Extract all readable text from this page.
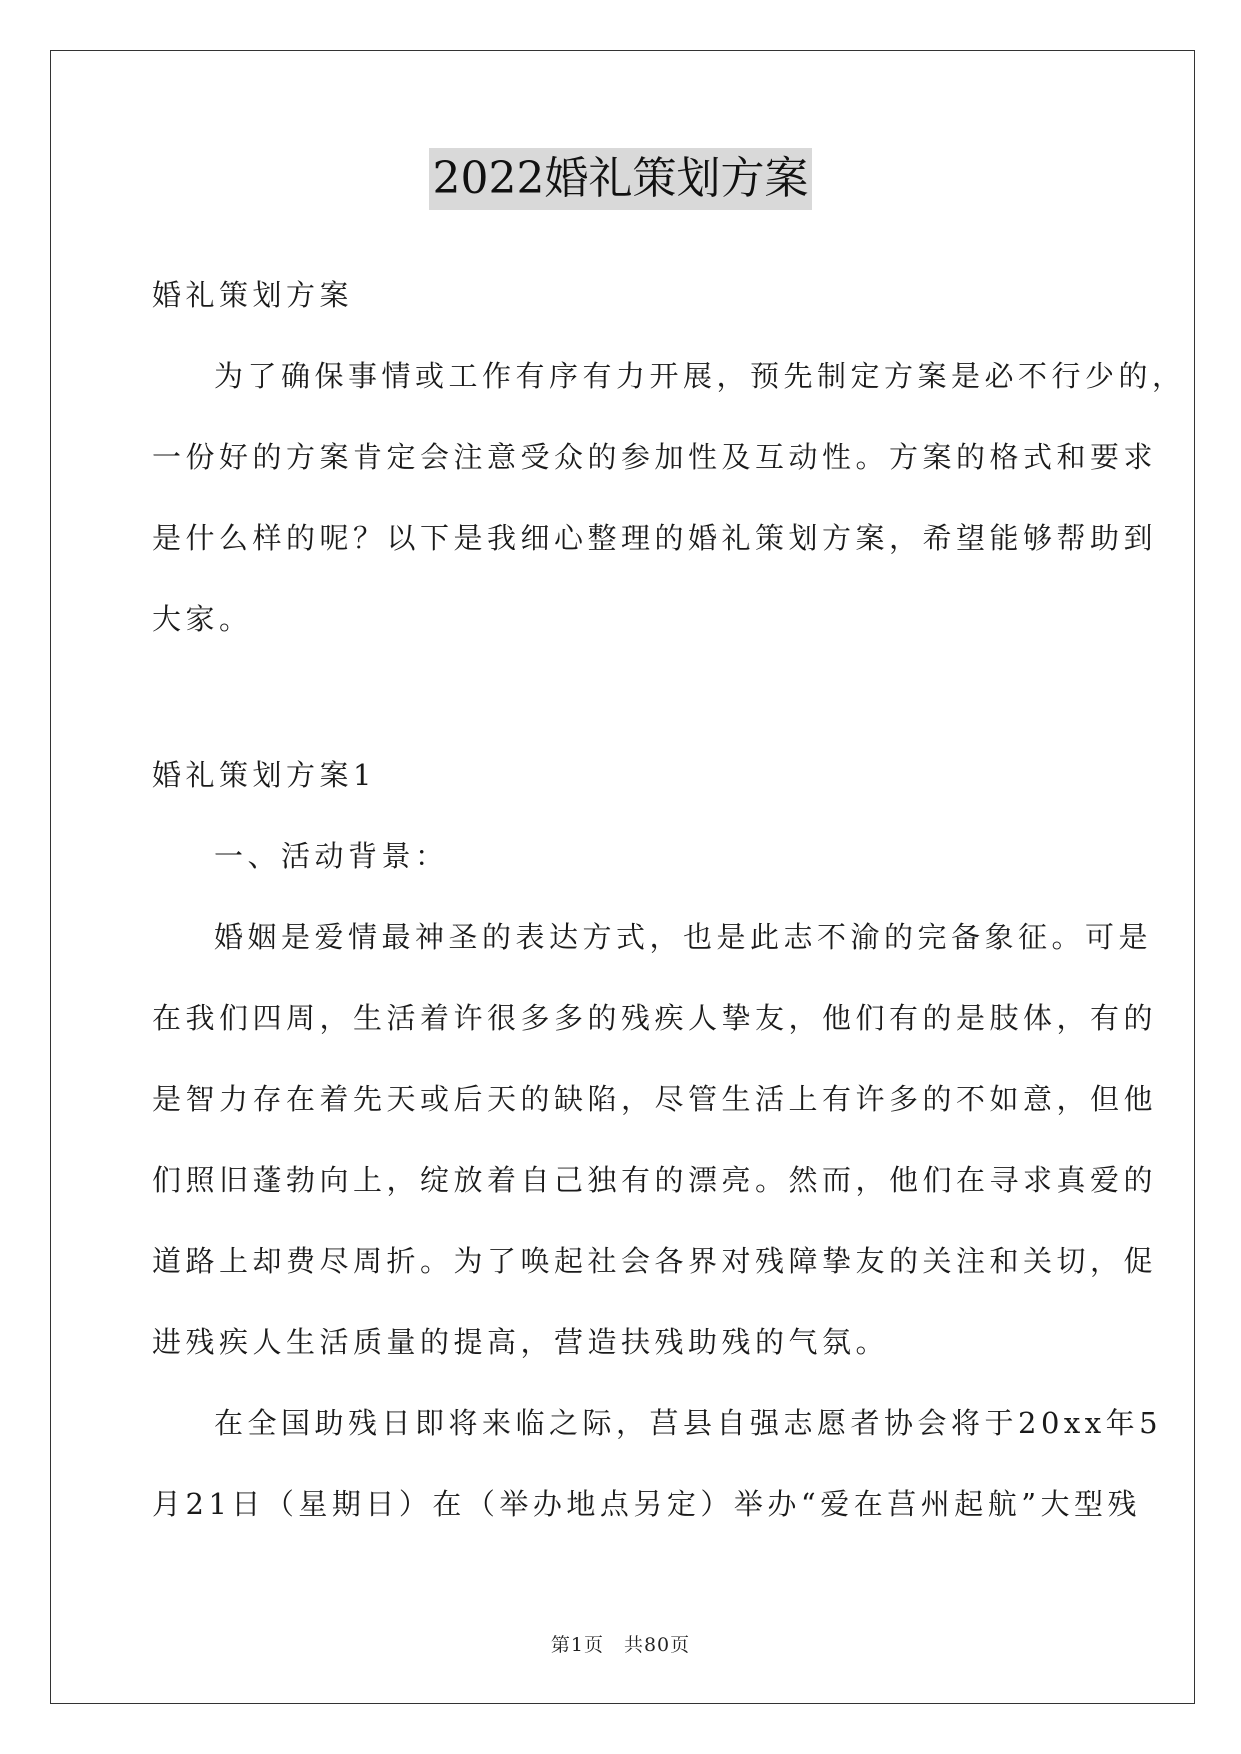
2022婚礼策划方案

婚礼策划方案

为了确保事情或工作有序有力开展，预先制定方案是必不行少的，

一份好的方案肯定会注意受众的参加性及互动性。方案的格式和要求

是什么样的呢？以下是我细心整理的婚礼策划方案，希望能够帮助到

大家。

婚礼策划方案1

一、活动背景：

婚姻是爱情最神圣的表达方式，也是此志不渝的完备象征。可是

在我们四周，生活着许很多多的残疾人挚友，他们有的是肢体，有的

是智力存在着先天或后天的缺陷，尽管生活上有许多的不如意，但他

们照旧蓬勃向上，绽放着自己独有的漂亮。然而，他们在寻求真爱的

道路上却费尽周折。为了唤起社会各界对残障挚友的关注和关切，促

进残疾人生活质量的提高，营造扶残助残的气氛。

在全国助残日即将来临之际，莒县自强志愿者协会将于20xx年5

月21日（星期日）在（举办地点另定）举办“爱在莒州起航”大型残

第1页 共80页
